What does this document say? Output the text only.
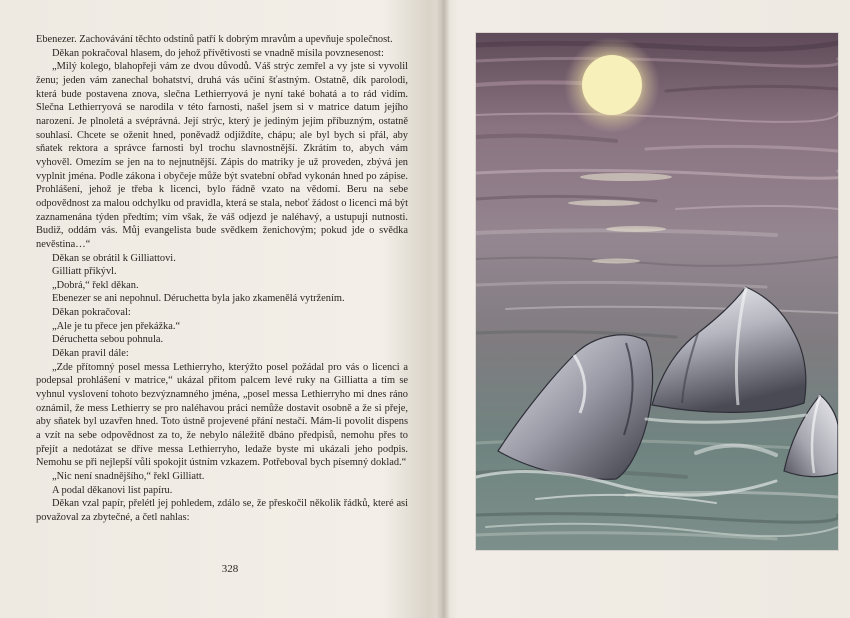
Ebenezer. Zachovávání těchto odstínů patří k dobrým mravům a upevňuje společnost.

Děkan pokračoval hlasem, do jehož přívětivosti se vnadně mísila povznesenost:

„Milý kolego, blahopřeji vám ze dvou důvodů. Váš strýc zemřel a vy jste si vyvolil ženu; jeden vám zanechal bohatství, druhá vás učiní šťastným. Ostatně, dík parolodi, která bude postavena znova, slečna Lethierryová je nyní také bohatá a to rád vidím. Slečna Lethierryová se narodila v této farnosti, našel jsem si v matrice datum jejího narození. Je plnoletá a svéprávná. Její strýc, který je jediným jejím příbuzným, ostatně souhlasí. Chcete se oženit hned, poněvadž odjíždíte, chápu; ale byl bych si přál, aby sňatek rektora a správce farnosti byl trochu slavnostnější. Zkrátím to, abych vám vyhověl. Omezím se jen na to nejnutnější. Zápis do matriky je už proveden, zbývá jen vyplnit jména. Podle zákona i obyčeje může být svatební obřad vykonán hned po zápise. Prohlášení, jehož je třeba k licenci, bylo řádně vzato na vědomí. Beru na sebe odpovědnost za malou odchylku od pravidla, která se stala, neboť žádost o licenci má být zaznamenána týden předtím; vím však, že váš odjezd je naléhavý, a ustupuji nutnosti. Budiž, oddám vás. Můj evangelista bude svědkem ženichovým; pokud jde o svědka nevěstina…“

Děkan se obrátil k Gilliattovi.

Gilliatt přikývl.

„Dobrá,“ řekl děkan.

Ebenezer se ani nepohnul. Déruchetta byla jako zkamenělá vytržením.

Děkan pokračoval:

„Ale je tu přece jen překážka.“

Déruchetta sebou pohnula.

Děkan pravil dále:

„Zde přítomný posel messa Lethierryho, kterýžto posel požádal pro vás o licenci a podepsal prohlášení v matrice,“ ukázal přitom palcem levé ruky na Gilliatta a tím se vyhnul vyslovení tohoto bezvýznamného jména, „posel messa Lethierryho mi dnes ráno oznámil, že mess Lethierry se pro naléhavou práci nemůže dostavit osobně a že si přeje, aby sňatek byl uzavřen hned. Toto ústně projevené přání nestačí. Mám-li povolit dispens a vzít na sebe odpovědnost za to, že nebylo náležitě dbáno předpisů, nemohu přes to přejít a nedotázat se dříve messa Lethierryho, ledaže byste mi ukázali jeho podpis. Nemohu se při nejlepší vůli spokojit ústním vzkazem. Potřeboval bych písemný doklad.“

„Nic není snadnějšího,“ řekl Gilliatt.

A podal děkanovi list papíru.

Děkan vzal papír, přelétl jej pohledem, zdálo se, že přeskočil několik řádků, které asi považoval za zbytečné, a četl nahlas:

328
